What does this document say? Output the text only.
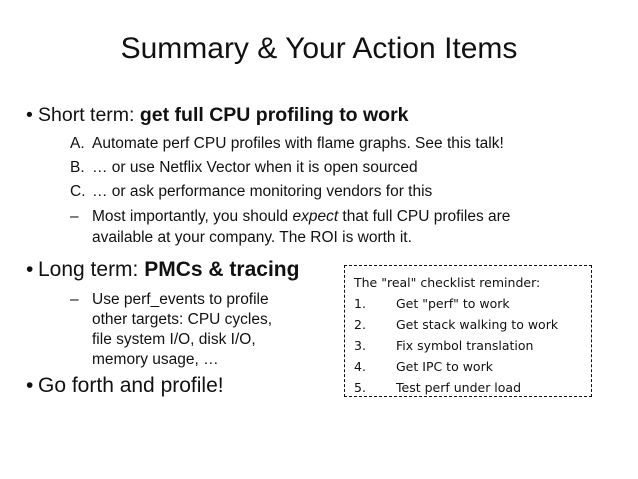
Summary & Your Action Items
• Short term: get full CPU profiling to work
A. Automate perf CPU profiles with flame graphs. See this talk!
B. … or use Netflix Vector when it is open sourced
C. … or ask performance monitoring vendors for this
– Most importantly, you should expect that full CPU profiles are
available at your company. The ROI is worth it.
• Long term: PMCs & tracing
– Use perf_events to profile
other targets: CPU cycles,
file system I/O, disk I/O,
memory usage, …
• Go forth and profile!
The "real" checklist reminder:
1. Get "perf" to work
2. Get stack walking to work
3. Fix symbol translation
4. Get IPC to work
5. Test perf under load
